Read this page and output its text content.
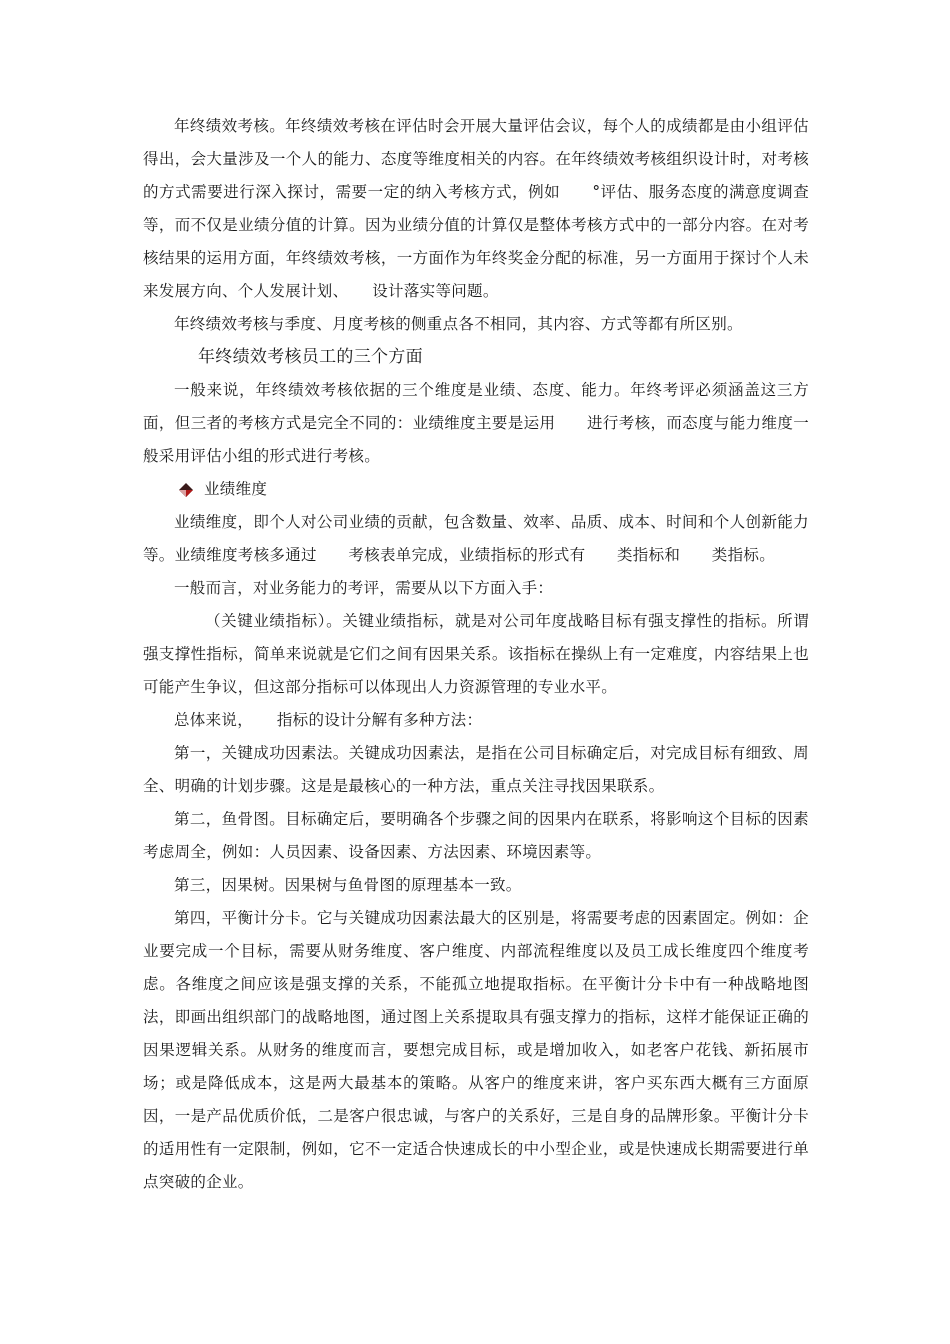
年终绩效考核。年终绩效考核在评估时会开展大量评估会议，每个人的成绩都是由小组评估得出，会大量涉及一个人的能力、态度等维度相关的内容。在年终绩效考核组织设计时，对考核的方式需要进行深入探讨，需要一定的纳入考核方式，例如　　°评估、服务态度的满意度调查等，而不仅是业绩分值的计算。因为业绩分值的计算仅是整体考核方式中的一部分内容。在对考核结果的运用方面，年终绩效考核，一方面作为年终奖金分配的标准，另一方面用于探讨个人未来发展方向、个人发展计划、　　设计落实等问题。

年终绩效考核与季度、月度考核的侧重点各不相同，其内容、方式等都有所区别。

年终绩效考核员工的三个方面

一般来说，年终绩效考核依据的三个维度是业绩、态度、能力。年终考评必须涵盖这三方面，但三者的考核方式是完全不同的：业绩维度主要是运用　　进行考核，而态度与能力维度一般采用评估小组的形式进行考核。

业绩维度

业绩维度，即个人对公司业绩的贡献，包含数量、效率、品质、成本、时间和个人创新能力等。业绩维度考核多通过　　考核表单完成，业绩指标的形式有　　类指标和　　类指标。

一般而言，对业务能力的考评，需要从以下方面入手：

（关键业绩指标）。关键业绩指标，就是对公司年度战略目标有强支撑性的指标。所谓强支撑性指标，简单来说就是它们之间有因果关系。该指标在操纵上有一定难度，内容结果上也可能产生争议，但这部分指标可以体现出人力资源管理的专业水平。

总体来说，　　指标的设计分解有多种方法：

第一，关键成功因素法。关键成功因素法，是指在公司目标确定后，对完成目标有细致、周全、明确的计划步骤。这是是最核心的一种方法，重点关注寻找因果联系。

第二，鱼骨图。目标确定后，要明确各个步骤之间的因果内在联系，将影响这个目标的因素考虑周全，例如：人员因素、设备因素、方法因素、环境因素等。

第三，因果树。因果树与鱼骨图的原理基本一致。

第四，平衡计分卡。它与关键成功因素法最大的区别是，将需要考虑的因素固定。例如：企业要完成一个目标，需要从财务维度、客户维度、内部流程维度以及员工成长维度四个维度考虑。各维度之间应该是强支撑的关系，不能孤立地提取指标。在平衡计分卡中有一种战略地图法，即画出组织部门的战略地图，通过图上关系提取具有强支撑力的指标，这样才能保证正确的因果逻辑关系。从财务的维度而言，要想完成目标，或是增加收入，如老客户花钱、新拓展市场；或是降低成本，这是两大最基本的策略。从客户的维度来讲，客户买东西大概有三方面原因，一是产品优质价低，二是客户很忠诚，与客户的关系好，三是自身的品牌形象。平衡计分卡的适用性有一定限制，例如，它不一定适合快速成长的中小型企业，或是快速成长期需要进行单点突破的企业。
